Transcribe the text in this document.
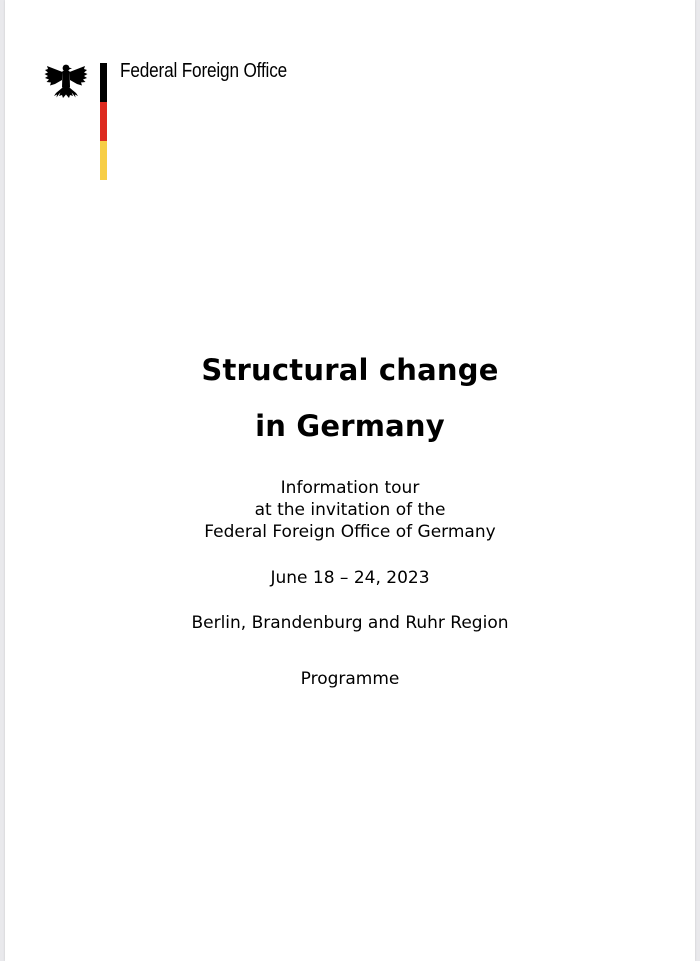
Federal Foreign Office
Structural change
in Germany
Information tour
at the invitation of the
Federal Foreign Office of Germany
June 18 – 24, 2023
Berlin, Brandenburg and Ruhr Region
Programme
